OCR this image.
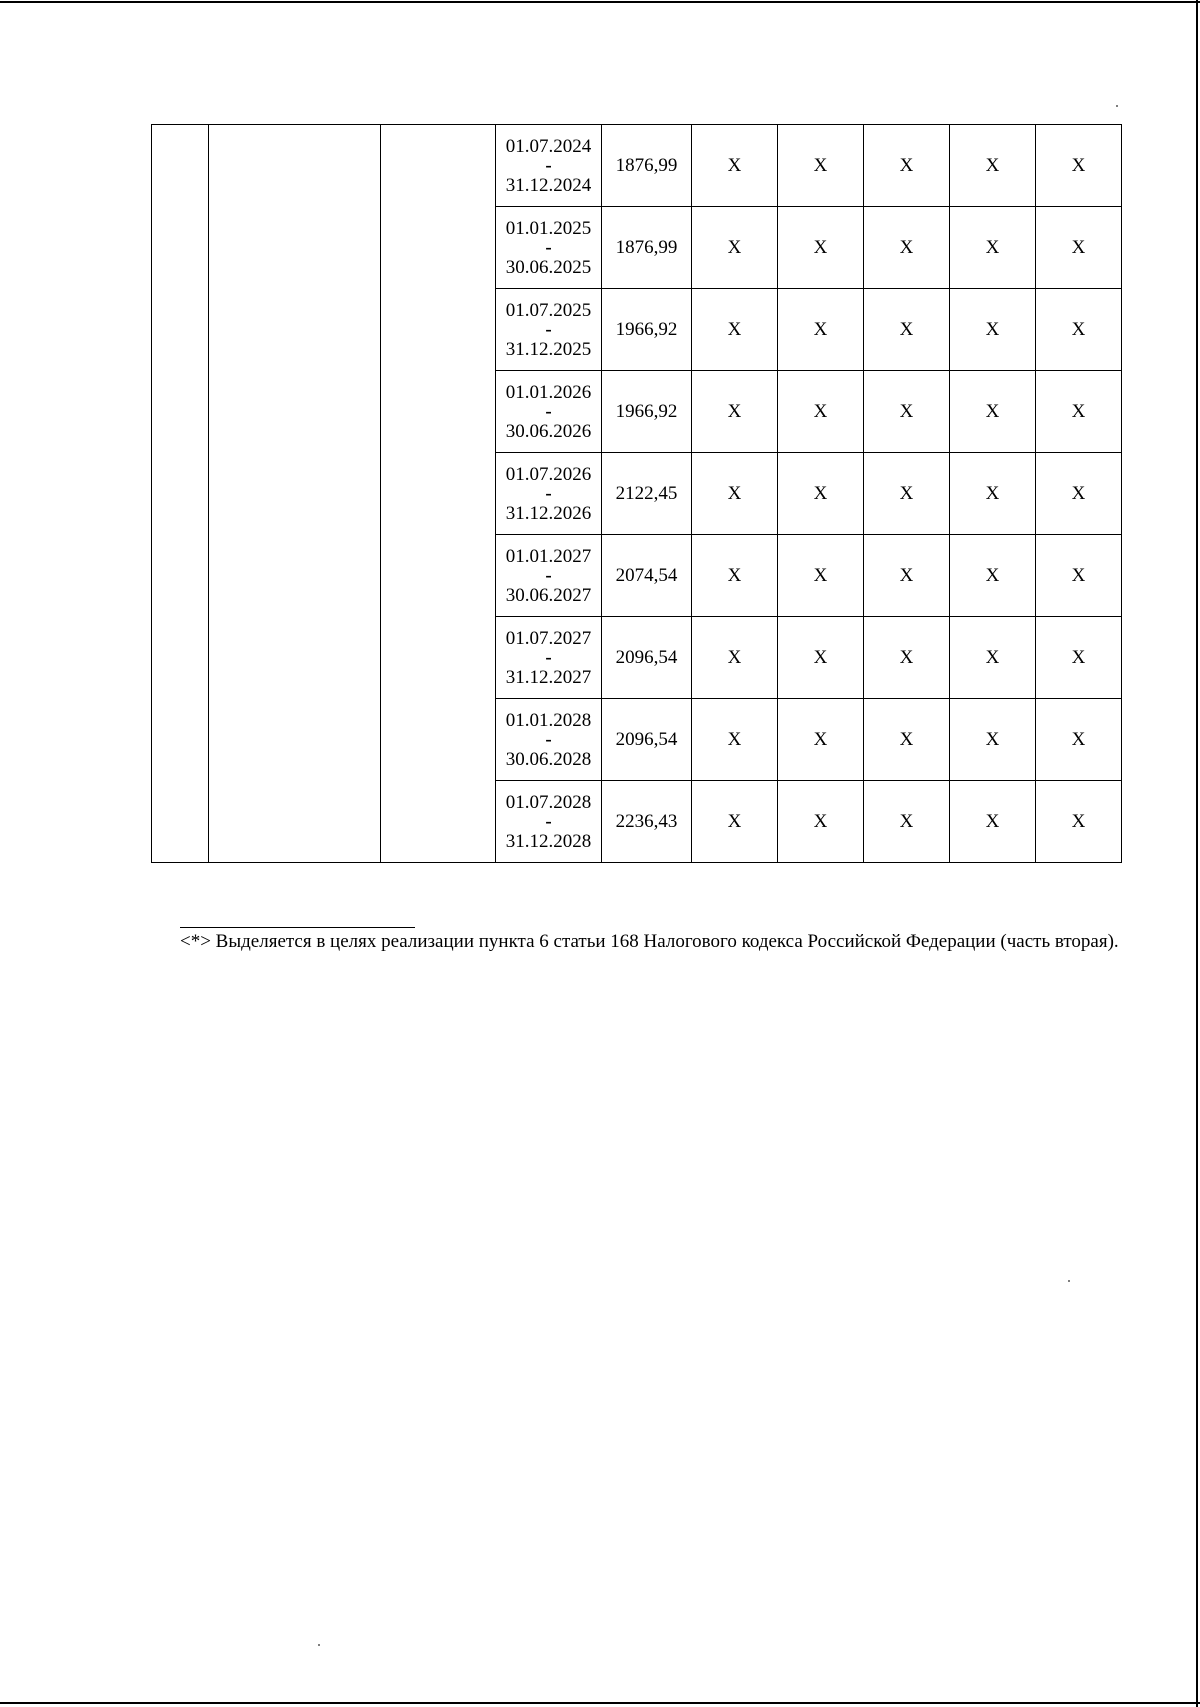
			01.07.2024
-
31.12.2024	1876,99	X	X	X	X	X

			01.01.2025
-
30.06.2025	1876,99	X	X	X	X	X

			01.07.2025
-
31.12.2025	1966,92	X	X	X	X	X

			01.01.2026
-
30.06.2026	1966,92	X	X	X	X	X

			01.07.2026
-
31.12.2026	2122,45	X	X	X	X	X

			01.01.2027
-
30.06.2027	2074,54	X	X	X	X	X

			01.07.2027
-
31.12.2027	2096,54	X	X	X	X	X

			01.01.2028
-
30.06.2028	2096,54	X	X	X	X	X

			01.07.2028
-
31.12.2028	2236,43	X	X	X	X	X
<*> Выделяется в целях реализации пункта 6 статьи 168 Налогового кодекса Российской Федерации (часть вторая).
